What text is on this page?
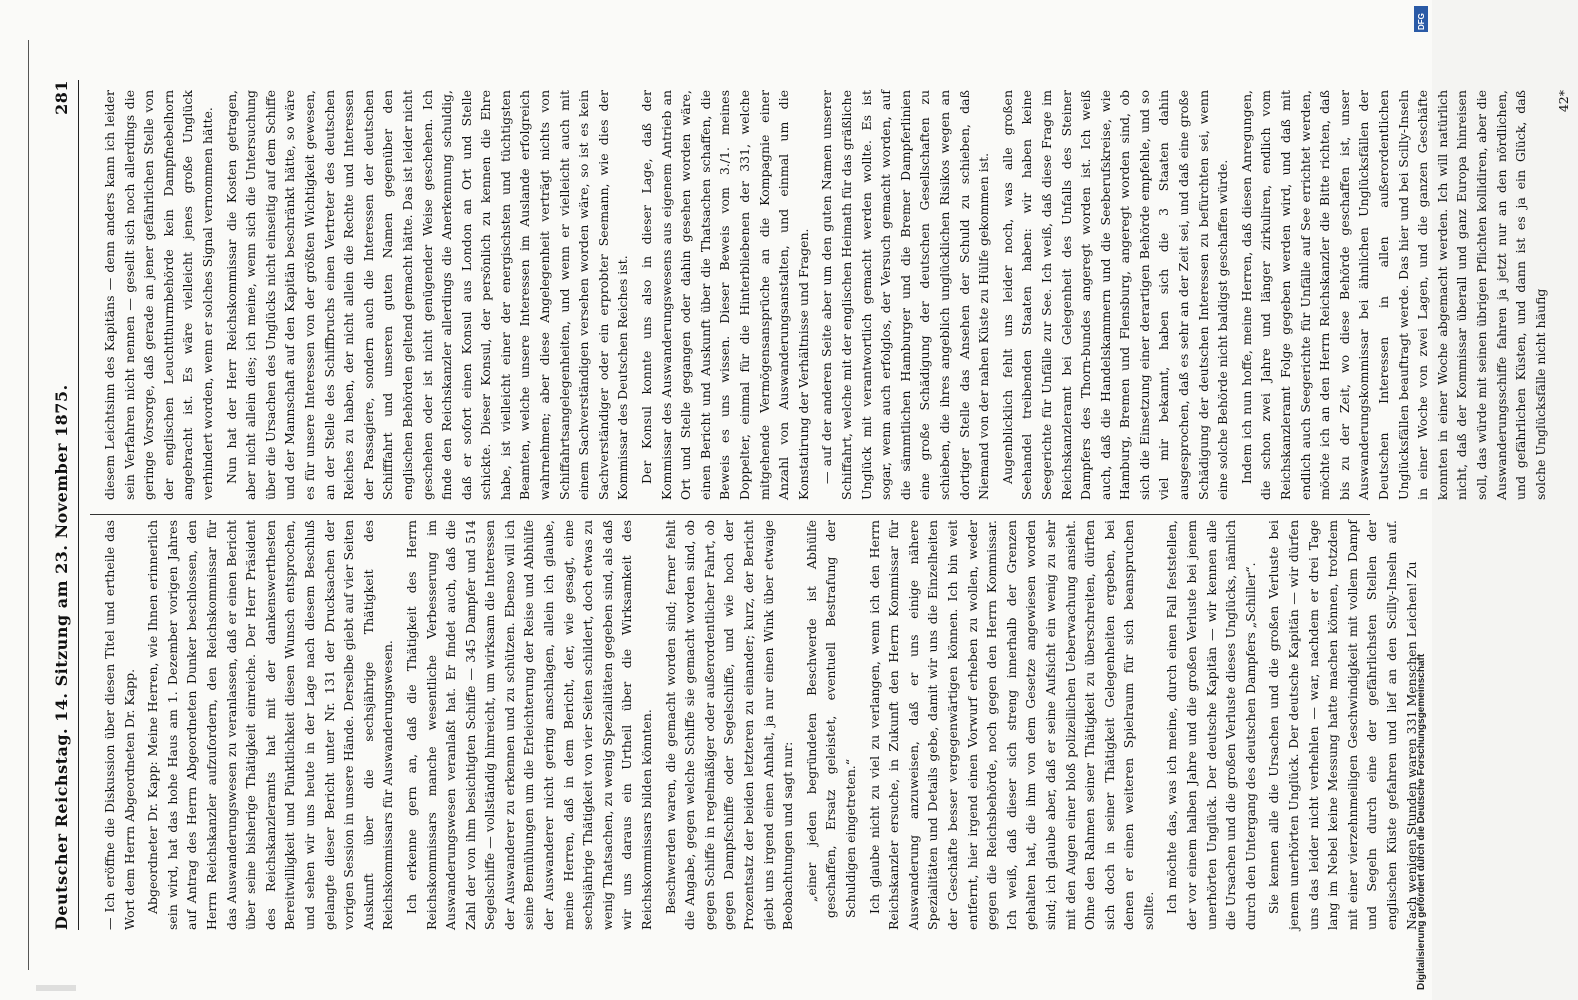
Deutscher Reichstag. 14. Sitzung am 23. November 1875.
281

— Ich eröffne die Diskussion über diesen Titel und ertheile das Wort dem Herrn Abgeordneten Dr. Kapp. Abgeordneter Dr. Kapp: Meine Herren, wie Ihnen erinnerlich sein wird, hat das hohe Haus am 1. Dezember vorigen Jahres auf Antrag des Herrn Abgeordneten Dunker beschlossen, den Herrn Reichskanzler aufzufordern, den Reichskommissar für das Auswanderungswesen zu veranlassen, daß er einen Bericht über seine bisherige Thätigkeit einreiche. Der Herr Präsident des Reichskanzleramts hat mit der dankenswerthesten Bereitwilligkeit und Pünktlichkeit diesen Wunsch entsprochen, und sehen wir uns heute in der Lage nach diesem Beschluß gelangte dieser Bericht unter Nr. 131 der Drucksachen der vorigen Session in unsere Hände. Derselbe giebt auf vier Seiten Auskunft über die sechsjährige Thätigkeit des Reichskommissars für Auswanderungswesen. Ich erkenne gern an, daß die Thätigkeit des Herrn Reichskommissars manche wesentliche Verbesserung im Auswanderungswesen veranlaßt hat. Er findet auch, daß die Zahl der von ihm besichtigten Schiffe — 345 Dampfer und 514 Segelschiffe — vollständig hinreicht, um wirksam die Interessen der Auswanderer zu erkennen und zu schützen. Ebenso will ich seine Bemühungen um die Erleichterung der Reise und Abhülfe der Auswanderer nicht gering anschlagen, allein ich glaube, meine Herren, daß in dem Bericht, der, wie gesagt, eine sechsjährige Thätigkeit von vier Seiten schildert, doch etwas zu wenig Thatsachen, zu wenig Spezialitäten gegeben sind, als daß wir uns daraus ein Urtheil über die Wirksamkeit des Reichskommissars bilden könnten. Beschwerden waren, die gemacht worden sind; ferner fehlt die Angabe, gegen welche Schiffe sie gemacht worden sind, ob gegen Schiffe in regelmäßiger oder außerordentlicher Fahrt, ob gegen Dampfschiffe oder Segelschiffe, und wie hoch der Prozentsatz der beiden letzteren zu einander; kurz, der Bericht giebt uns irgend einen Anhalt, ja nur einen Wink über etwaige Beobachtungen und sagt nur: „einer jeden begründeten Beschwerde ist Abhülfe geschaffen, Ersatz geleistet, eventuell Bestrafung der Schuldigen eingetreten.“ Ich glaube nicht zu viel zu verlangen, wenn ich den Herrn Reichskanzler ersuche, in Zukunft den Herrn Kommissar für Auswanderung anzuweisen, daß er uns einige nähere Spezialitäten und Details gebe, damit wir uns die Einzelheiten der Geschäfte besser vergegenwärtigen können. Ich bin weit entfernt, hier irgend einen Vorwurf erheben zu wollen, weder gegen die Reichsbehörde, noch gegen den Herrn Kommissar. Ich weiß, daß dieser sich streng innerhalb der Grenzen gehalten hat, die ihm von dem Gesetze angewiesen worden sind; ich glaube aber, daß er seine Aufsicht ein wenig zu sehr mit den Augen einer bloß polizeilichen Ueberwachung ansieht. Ohne den Rahmen seiner Thätigkeit zu überschreiten, dürften sich doch in seiner Thätigkeit Gelegenheiten ergeben, bei denen er einen weiteren Spielraum für sich beanspruchen sollte. Ich möchte das, was ich meine, durch einen Fall feststellen, der vor einem halben Jahre und die großen Verluste bei jenem unerhörten Unglück. Der deutsche Kapitän — wir kennen alle die Ursachen und die großen Verluste dieses Unglücks, nämlich durch den Untergang des deutschen Dampfers „Schiller“. Sie kennen alle die Ursachen und die großen Verluste bei jenem unerhörten Unglück. Der deutsche Kapitän — wir dürfen uns das leider nicht verhehlen — war, nachdem er drei Tage lang im Nebel keine Messung hatte machen können, trotzdem mit einer vierzehnmeiligen Geschwindigkeit mit vollem Dampf und Segeln durch eine der gefährlichsten Stellen der englischen Küste gefahren und lief an den Scilly-Inseln auf. Nach wenigen Stunden waren 331 Menschen Leichen! Zu

diesem Leichtsinn des Kapitäns — denn anders kann ich leider sein Verfahren nicht nennen — gesellt sich noch allerdings die geringe Vorsorge, daß gerade an jener gefährlichen Stelle von der englischen Leuchtthurmbehörde kein Dampfnebelhorn angebracht ist. Es wäre vielleicht jenes große Unglück verhindert worden, wenn er solches Signal vernommen hätte. Nun hat der Herr Reichskommissar die Kosten getragen, aber nicht allein dies; ich meine, wenn sich die Untersuchung über die Ursachen des Unglücks nicht einseitig auf dem Schiffe und der Mannschaft auf den Kapitän beschränkt hätte, so wäre es für unsere Interessen von der größten Wichtigkeit gewesen, an der Stelle des Schiffbruchs einen Vertreter des deutschen Reiches zu haben, der nicht allein die Rechte und Interessen der Passagiere, sondern auch die Interessen der deutschen Schifffahrt und unseren guten Namen gegenüber den englischen Behörden geltend gemacht hätte. Das ist leider nicht geschehen oder ist nicht genügender Weise geschehen. Ich finde den Reichskanzler allerdings die Anerkennung schuldig, daß er sofort einen Konsul aus London an Ort und Stelle schickte. Dieser Konsul, der persönlich zu kennen die Ehre habe, ist vielleicht einer der energischsten und tüchtigsten Beamten, welche unsere Interessen im Auslande erfolgreich wahrnehmen; aber diese Angelegenheit verträgt nichts von Schiffahrtsangelegenheiten, und wenn er vielleicht auch mit einem Sachverständigen versehen worden wäre, so ist es kein Sachverständiger oder ein erprobter Seemann, wie dies der Kommissar des Deutschen Reiches ist. Der Konsul konnte uns also in dieser Lage, daß der Kommissar des Auswanderungswesens aus eigenem Antrieb an Ort und Stelle gegangen oder dahin gesehen worden wäre, einen Bericht und Auskunft über die Thatsachen schaffen, die Beweis es uns wissen. Dieser Beweis vom 3./1. meines Doppelter, einmal für die Hinterbliebenen der 331, welche mitgehende Vermögensansprüche an die Kompagnie einer Anzahl von Auswanderungsanstalten, und einmal um die Konstatirung der Verhältnisse und Fragen. — auf der anderen Seite aber um den guten Namen unserer Schiffahrt, welche mit der englischen Heimath für das gräßliche Unglück mit verantwortlich gemacht werden wollte. Es ist sogar, wenn auch erfolglos, der Versuch gemacht worden, auf die sämmtlichen Hamburger und die Bremer Dampferlinien eine große Schädigung der deutschen Gesellschaften zu schieben, die ihres angeblich unglücklichen Risikos wegen an dortiger Stelle das Ansehen der Schuld zu schieben, daß Niemand von der nahen Küste zu Hülfe gekommen ist. Augenblicklich fehlt uns leider noch, was alle großen Seehandel treibenden Staaten haben: wir haben keine Seegerichte für Unfälle zur See. Ich weiß, daß diese Frage im Reichskanzleramt bei Gelegenheit des Unfalls des Steiner Dampfers des Thorn-bundes angeregt worden ist. Ich weiß auch, daß die Handelskammern und die Seeberufskreise, wie Hamburg, Bremen und Flensburg, angeregt worden sind, ob sich die Einsetzung einer derartigen Behörde empfehle, und so viel mir bekannt, haben sich die 3 Staaten dahin ausgesprochen, daß es sehr an der Zeit sei, und daß eine große Schädigung der deutschen Interessen zu befürchten sei, wenn eine solche Behörde nicht baldigst geschaffen würde. Indem ich nun hoffe, meine Herren, daß diesen Anregungen, die schon zwei Jahre und länger zirkuliren, endlich vom Reichskanzleramt Folge gegeben werden wird, und daß mit endlich auch Seegerichte für Unfälle auf See errichtet werden, möchte ich an den Herrn Reichskanzler die Bitte richten, daß bis zu der Zeit, wo diese Behörde geschaffen ist, unser Auswanderungskommissar bei ähnlichen Unglücksfällen der Deutschen Interessen in allen außerordentlichen Unglücksfällen beauftragt werde. Das hier und bei Scilly-Inseln in einer Woche von zwei Lagen, und die ganzen Geschäfte konnten in einer Woche abgemacht werden. Ich will natürlich nicht, daß der Kommissar überall und ganz Europa hinreisen soll, das würde mit seinen übrigen Pflichten kollidiren, aber die Auswanderungsschiffe fahren ja jetzt nur an den nördlichen, und gefährlichen Küsten, und dann ist es ja ein Glück, daß solche Unglücksfälle nicht häufig

42*

DFG
Digitalisierung gefördert durch die Deutsche Forschungsgemeinschaft
